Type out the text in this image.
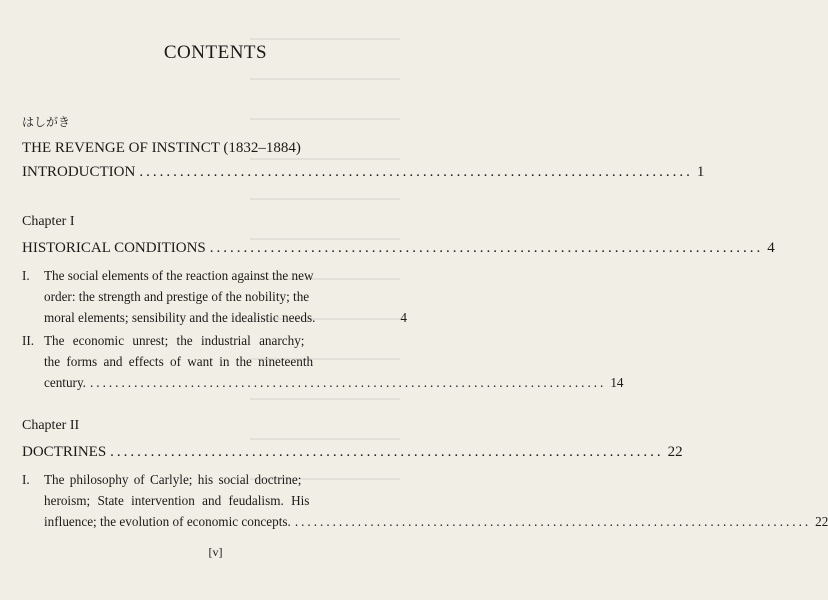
CONTENTS
はしがき
THE REVENGE OF INSTINCT (1832–1884)
INTRODUCTION .................................................................................. 1
Chapter I
HISTORICAL CONDITIONS .................................................................................. 4
I. The social elements of the reaction against the new
order: the strength and prestige of the nobility; the
moral elements; sensibility and the idealistic needs.	4
II. The economic unrest; the industrial anarchy;
the forms and effects of want in the nineteenth
century. .................................................................................. 14
Chapter II
DOCTRINES .................................................................................. 22
I. The philosophy of Carlyle; his social doctrine;
heroism; State intervention and feudalism. His
influence; the evolution of economic concepts. .................................................................................. 22
[v]
